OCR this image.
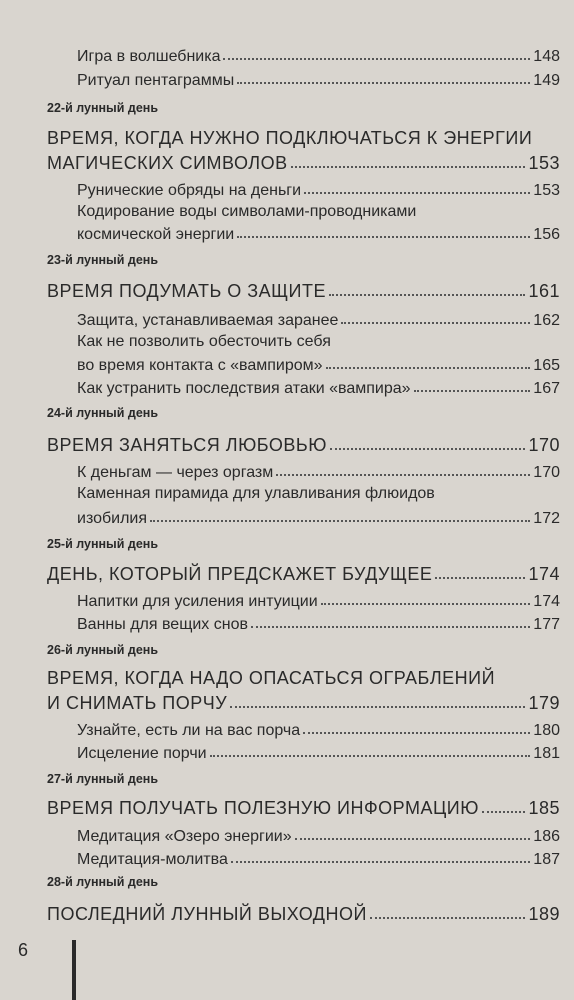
Игра в волшебника	148
Ритуал пентаграммы	149
22-й лунный день
ВРЕМЯ, КОГДА НУЖНО ПОДКЛЮЧАТЬСЯ К ЭНЕРГИИ
МАГИЧЕСКИХ СИМВОЛОВ	153
Рунические обряды на деньги	153
Кодирование воды символами-проводниками
космической энергии	156
23-й лунный день
ВРЕМЯ ПОДУМАТЬ О ЗАЩИТЕ	161
Защита, устанавливаемая заранее	162
Как не позволить обесточить себя
во время контакта с «вампиром»	165
Как устранить последствия атаки «вампира»	167
24-й лунный день
ВРЕМЯ ЗАНЯТЬСЯ ЛЮБОВЬЮ	170
К деньгам — через оргазм	170
Каменная пирамида для улавливания флюидов
изобилия	172
25-й лунный день
ДЕНЬ, КОТОРЫЙ ПРЕДСКАЖЕТ БУДУЩЕЕ	174
Напитки для усиления интуиции	174
Ванны для вещих снов	177
26-й лунный день
ВРЕМЯ, КОГДА НАДО ОПАСАТЬСЯ ОГРАБЛЕНИЙ
И СНИМАТЬ ПОРЧУ	179
Узнайте, есть ли на вас порча	180
Исцеление порчи	181
27-й лунный день
ВРЕМЯ ПОЛУЧАТЬ ПОЛЕЗНУЮ ИНФОРМАЦИЮ	185
Медитация «Озеро энергии»	186
Медитация-молитва	187
28-й лунный день
ПОСЛЕДНИЙ ЛУННЫЙ ВЫХОДНОЙ	189
6
